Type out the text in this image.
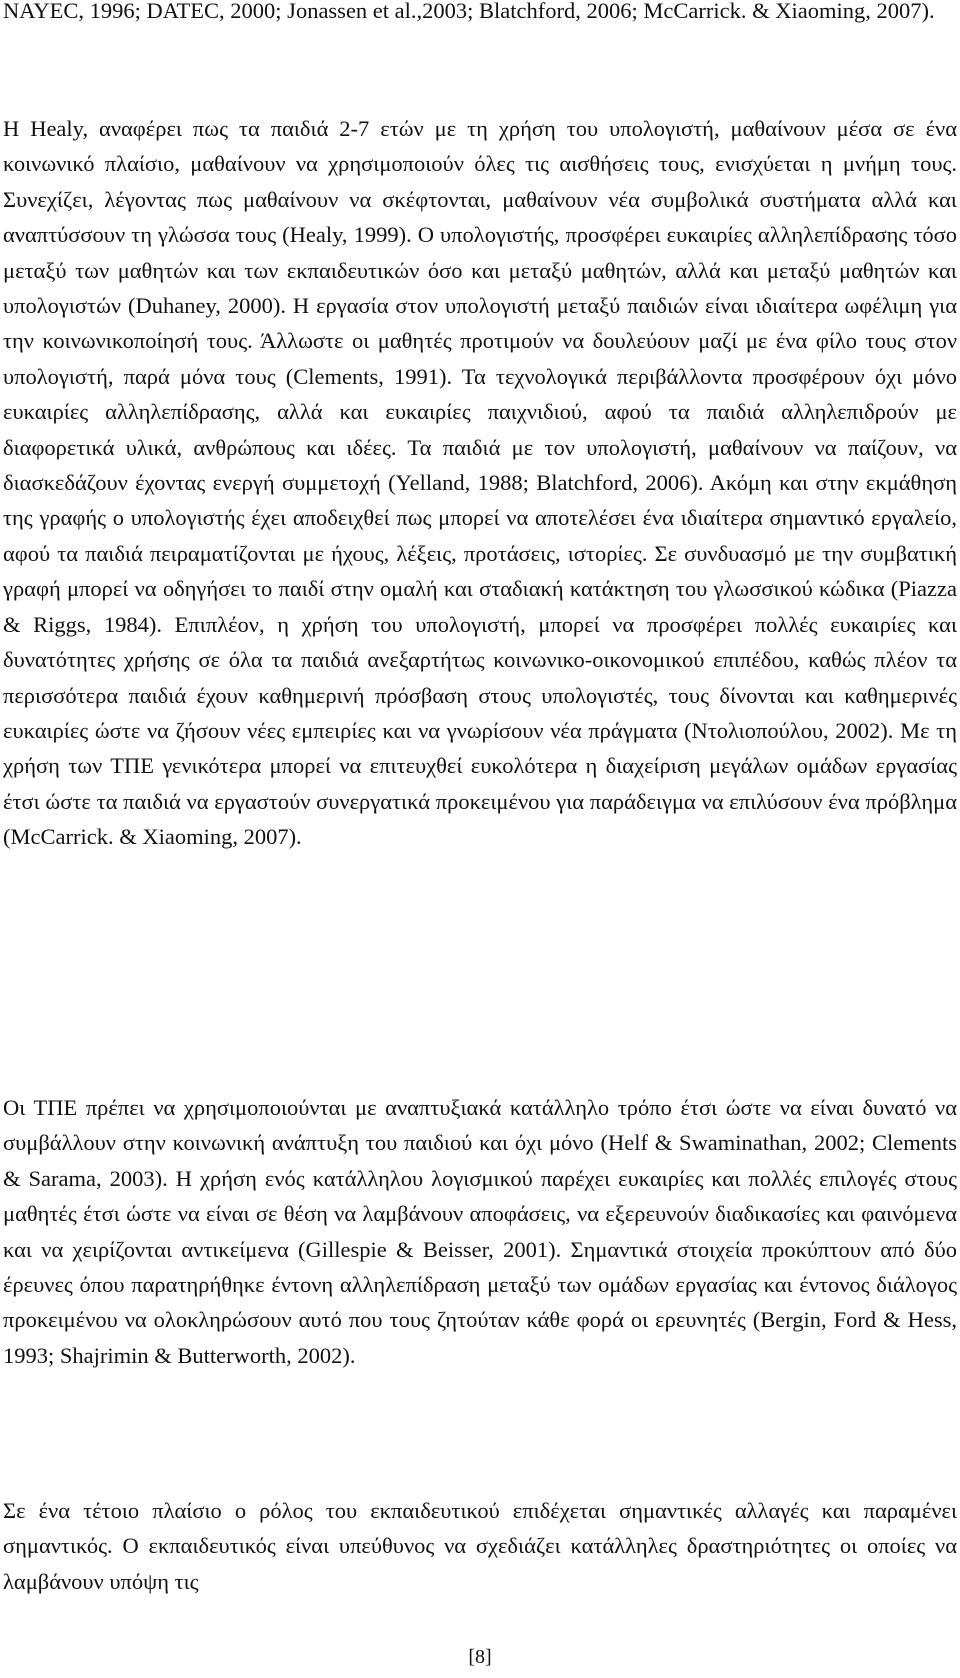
NAYEC, 1996; DATEC, 2000; Jonassen et al.,2003; Blatchford, 2006; McCarrick. & Xiaoming, 2007).

Η Healy, αναφέρει πως τα παιδιά 2-7 ετών με τη χρήση του υπολογιστή, μαθαίνουν μέσα σε ένα κοινωνικό πλαίσιο, μαθαίνουν να χρησιμοποιούν όλες τις αισθήσεις τους, ενισχύεται η μνήμη τους. Συνεχίζει, λέγοντας πως μαθαίνουν να σκέφτονται, μαθαίνουν νέα συμβολικά συστήματα αλλά και αναπτύσσουν τη γλώσσα τους (Healy, 1999). Ο υπολογιστής, προσφέρει ευκαιρίες αλληλεπίδρασης τόσο μεταξύ των μαθητών και των εκπαιδευτικών όσο και μεταξύ μαθητών, αλλά και μεταξύ μαθητών και υπολογιστών (Duhaney, 2000). Η εργασία στον υπολογιστή μεταξύ παιδιών είναι ιδιαίτερα ωφέλιμη για την κοινωνικοποίησή τους. Άλλωστε οι μαθητές προτιμούν να δουλεύουν μαζί με ένα φίλο τους στον υπολογιστή, παρά μόνα τους (Clements, 1991). Τα τεχνολογικά περιβάλλοντα προσφέρουν όχι μόνο ευκαιρίες αλληλεπίδρασης, αλλά και ευκαιρίες παιχνιδιού, αφού τα παιδιά αλληλεπιδρούν με διαφορετικά υλικά, ανθρώπους και ιδέες. Τα παιδιά με τον υπολογιστή, μαθαίνουν να παίζουν, να διασκεδάζουν έχοντας ενεργή συμμετοχή (Yelland, 1988; Blatchford, 2006). Ακόμη και στην εκμάθηση της γραφής ο υπολογιστής έχει αποδειχθεί πως μπορεί να αποτελέσει ένα ιδιαίτερα σημαντικό εργαλείο, αφού τα παιδιά πειραματίζονται με ήχους, λέξεις, προτάσεις, ιστορίες. Σε συνδυασμό με την συμβατική γραφή μπορεί να οδηγήσει το παιδί στην ομαλή και σταδιακή κατάκτηση του γλωσσικού κώδικα (Piazza & Riggs, 1984). Επιπλέον, η χρήση του υπολογιστή, μπορεί να προσφέρει πολλές ευκαιρίες και δυνατότητες χρήσης σε όλα τα παιδιά ανεξαρτήτως κοινωνικο-οικονομικού επιπέδου, καθώς πλέον τα περισσότερα παιδιά έχουν καθημερινή πρόσβαση στους υπολογιστές, τους δίνονται και καθημερινές ευκαιρίες ώστε να ζήσουν νέες εμπειρίες και να γνωρίσουν νέα πράγματα (Ντολιοπούλου, 2002). Με τη χρήση των ΤΠΕ γενικότερα μπορεί να επιτευχθεί ευκολότερα η διαχείριση μεγάλων ομάδων εργασίας έτσι ώστε τα παιδιά να εργαστούν συνεργατικά προκειμένου για παράδειγμα να επιλύσουν ένα πρόβλημα (McCarrick. & Xiaoming, 2007).

Οι ΤΠΕ πρέπει να χρησιμοποιούνται με αναπτυξιακά κατάλληλο τρόπο έτσι ώστε να είναι δυνατό να συμβάλλουν στην κοινωνική ανάπτυξη του παιδιού και όχι μόνο (Helf & Swaminathan, 2002; Clements & Sarama, 2003). Η χρήση ενός κατάλληλου λογισμικού παρέχει ευκαιρίες και πολλές επιλογές στους μαθητές έτσι ώστε να είναι σε θέση να λαμβάνουν αποφάσεις, να εξερευνούν διαδικασίες και φαινόμενα και να χειρίζονται αντικείμενα (Gillespie & Beisser, 2001). Σημαντικά στοιχεία προκύπτουν από δύο έρευνες όπου παρατηρήθηκε έντονη αλληλεπίδραση μεταξύ των ομάδων εργασίας και έντονος διάλογος προκειμένου να ολοκληρώσουν αυτό που τους ζητούταν κάθε φορά οι ερευνητές (Bergin, Ford & Hess, 1993; Shajrimin & Butterworth, 2002).

Σε ένα τέτοιο πλαίσιο ο ρόλος του εκπαιδευτικού επιδέχεται σημαντικές αλλαγές και παραμένει σημαντικός. Ο εκπαιδευτικός είναι υπεύθυνος να σχεδιάζει κατάλληλες δραστηριότητες οι οποίες να λαμβάνουν υπόψη τις

[8]
